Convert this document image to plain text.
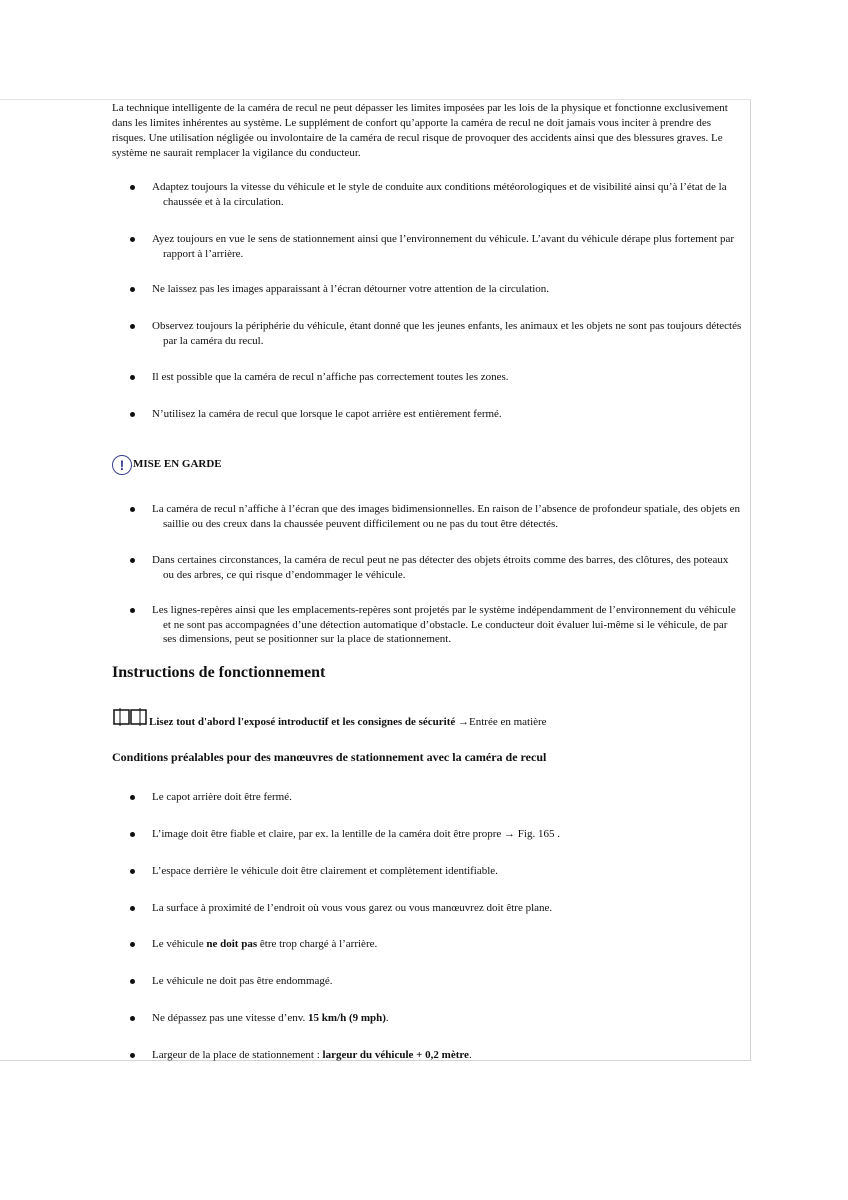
La technique intelligente de la caméra de recul ne peut dépasser les limites imposées par les lois de la physique et fonctionne exclusivement dans les limites inhérentes au système. Le supplément de confort qu’apporte la caméra de recul ne doit jamais vous inciter à prendre des risques. Une utilisation négligée ou involontaire de la caméra de recul risque de provoquer des accidents ainsi que des blessures graves. Le système ne saurait remplacer la vigilance du conducteur.

Adaptez toujours la vitesse du véhicule et le style de conduite aux conditions météorologiques et de visibilité ainsi qu’à l’état de la chaussée et à la circulation.
Ayez toujours en vue le sens de stationnement ainsi que l’environnement du véhicule. L’avant du véhicule dérape plus fortement par rapport à l’arrière.
Ne laissez pas les images apparaissant à l’écran détourner votre attention de la circulation.
Observez toujours la périphérie du véhicule, étant donné que les jeunes enfants, les animaux et les objets ne sont pas toujours détectés par la caméra du recul.
Il est possible que la caméra de recul n’affiche pas correctement toutes les zones.
N’utilisez la caméra de recul que lorsque le capot arrière est entièrement fermé.
! MISE EN GARDE
La caméra de recul n’affiche à l’écran que des images bidimensionnelles. En raison de l’absence de profondeur spatiale, des objets en saillie ou des creux dans la chaussée peuvent difficilement ou ne pas du tout être détectés.
Dans certaines circonstances, la caméra de recul peut ne pas détecter des objets étroits comme des barres, des clôtures, des poteaux ou des arbres, ce qui risque d’endommager le véhicule.
Les lignes-repères ainsi que les emplacements-repères sont projetés par le système indépendamment de l’environnement du véhicule et ne sont pas accompagnées d’une détection automatique d’obstacle. Le conducteur doit évaluer lui-même si le véhicule, de par ses dimensions, peut se positionner sur la place de stationnement.
Instructions de fonctionnement
Lisez tout d'abord l'exposé introductif et les consignes de sécurité →Entrée en matière
Conditions préalables pour des manœuvres de stationnement avec la caméra de recul
Le capot arrière doit être fermé.
L’image doit être fiable et claire, par ex. la lentille de la caméra doit être propre → Fig. 165 .
L’espace derrière le véhicule doit être clairement et complètement identifiable.
La surface à proximité de l’endroit où vous vous garez ou vous manœuvrez doit être plane.
Le véhicule ne doit pas être trop chargé à l’arrière.
Le véhicule ne doit pas être endommagé.
Ne dépassez pas une vitesse d’env. 15 km/h (9 mph).
Largeur de la place de stationnement : largeur du véhicule + 0,2 mètre.
